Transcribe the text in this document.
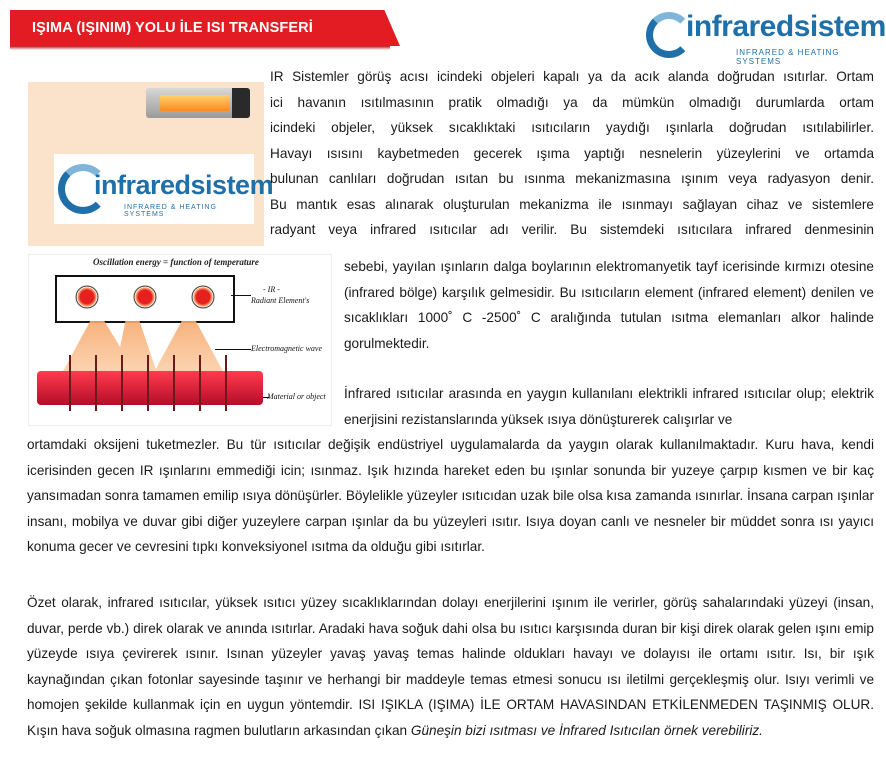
IŞIMA (IŞINIM) YOLU İLE ISI TRANSFERİ	infraredsistem
INFRARED & HEATING SYSTEMS
infraredsistem
INFRARED & HEATING SYSTEMS
Oscillation energy = function of temperature
- IR -
Radiant Element's
Electromagnetic wave
Material or object
IR Sistemler görüş acısı icindeki objeleri kapalı ya da acık alanda doğrudan ısıtırlar. Ortam
ici havanın ısıtılmasının pratik olmadığı ya da mümkün olmadığı durumlarda ortam
icindeki objeler, yüksek sıcaklıktaki ısıtıcıların yaydığı ışınlarla doğrudan ısıtılabilirler.
Havayı ısısını kaybetmeden gecerek ışıma yaptığı nesnelerin yüzeylerini ve ortamda
bulunan canlıları doğrudan ısıtan bu ısınma mekanizmasına ışınım veya radyasyon denir.
Bu mantık esas alınarak oluşturulan mekanizma ile ısınmayı sağlayan cihaz ve sistemlere
radyant veya infrared ısıtıcılar adı verilir. Bu sistemdeki ısıtıcılara infrared denmesinin
sebebi, yayılan ışınların dalga boylarının elektromanyetik tayf icerisinde kırmızı otesine (infrared bölge) karşılık gelmesidir. Bu ısıtıcıların element (infrared element) denilen ve sıcaklıkları 1000˚ C -2500˚ C aralığında tutulan ısıtma elemanları alkor halinde gorulmektedir.
İnfrared ısıtıcılar arasında en yaygın kullanılanı elektrikli infrared ısıtıcılar olup; elektrik enerjisini rezistanslarında yüksek ısıya dönüşturerek calışırlar ve
ortamdaki oksijeni tuketmezler. Bu tür ısıtıcılar değişik endüstriyel uygulamalarda da yaygın olarak kullanılmaktadır. Kuru hava, kendi icerisinden gecen IR ışınlarını emmediği icin; ısınmaz. Işık hızında hareket eden bu ışınlar sonunda bir yuzeye çarpıp kısmen ve bir kaç yansımadan sonra tamamen emilip ısıya dönüşürler. Böylelikle yüzeyler ısıtıcıdan uzak bile olsa kısa zamanda ısınırlar. İnsana carpan ışınlar insanı, mobilya ve duvar gibi diğer yuzeylere carpan ışınlar da bu yüzeyleri ısıtır. Isıya doyan canlı ve nesneler bir müddet sonra ısı yayıcı konuma gecer ve cevresini tıpkı konveksiyonel ısıtma da olduğu gibi ısıtırlar.
Özet olarak, infrared ısıtıcılar, yüksek ısıtıcı yüzey sıcaklıklarından dolayı enerjilerini ışınım ile verirler, görüş sahalarındaki yüzeyi (insan, duvar, perde vb.) direk olarak ve anında ısıtırlar. Aradaki hava soğuk dahi olsa bu ısıtıcı karşısında duran bir kişi direk olarak gelen ışını emip yüzeyde ısıya çevirerek ısınır. Isınan yüzeyler yavaş yavaş temas halinde oldukları havayı ve dolayısı ile ortamı ısıtır. Isı, bir ışık kaynağından çıkan fotonlar sayesinde taşınır ve herhangi bir maddeyle temas etmesi sonucu ısı iletilmi gerçekleşmiş olur. Isıyı verimli ve homojen şekilde kullanmak için en uygun yöntemdir. ISI IŞIKLA (IŞIMA) İLE ORTAM HAVASINDAN ETKİLENMEDEN TAŞINMIŞ OLUR. Kışın hava soğuk olmasına ragmen bulutların arkasından çıkan Güneşin bizi ısıtması ve İnfrared Isıtıcılan örnek verebiliriz.
